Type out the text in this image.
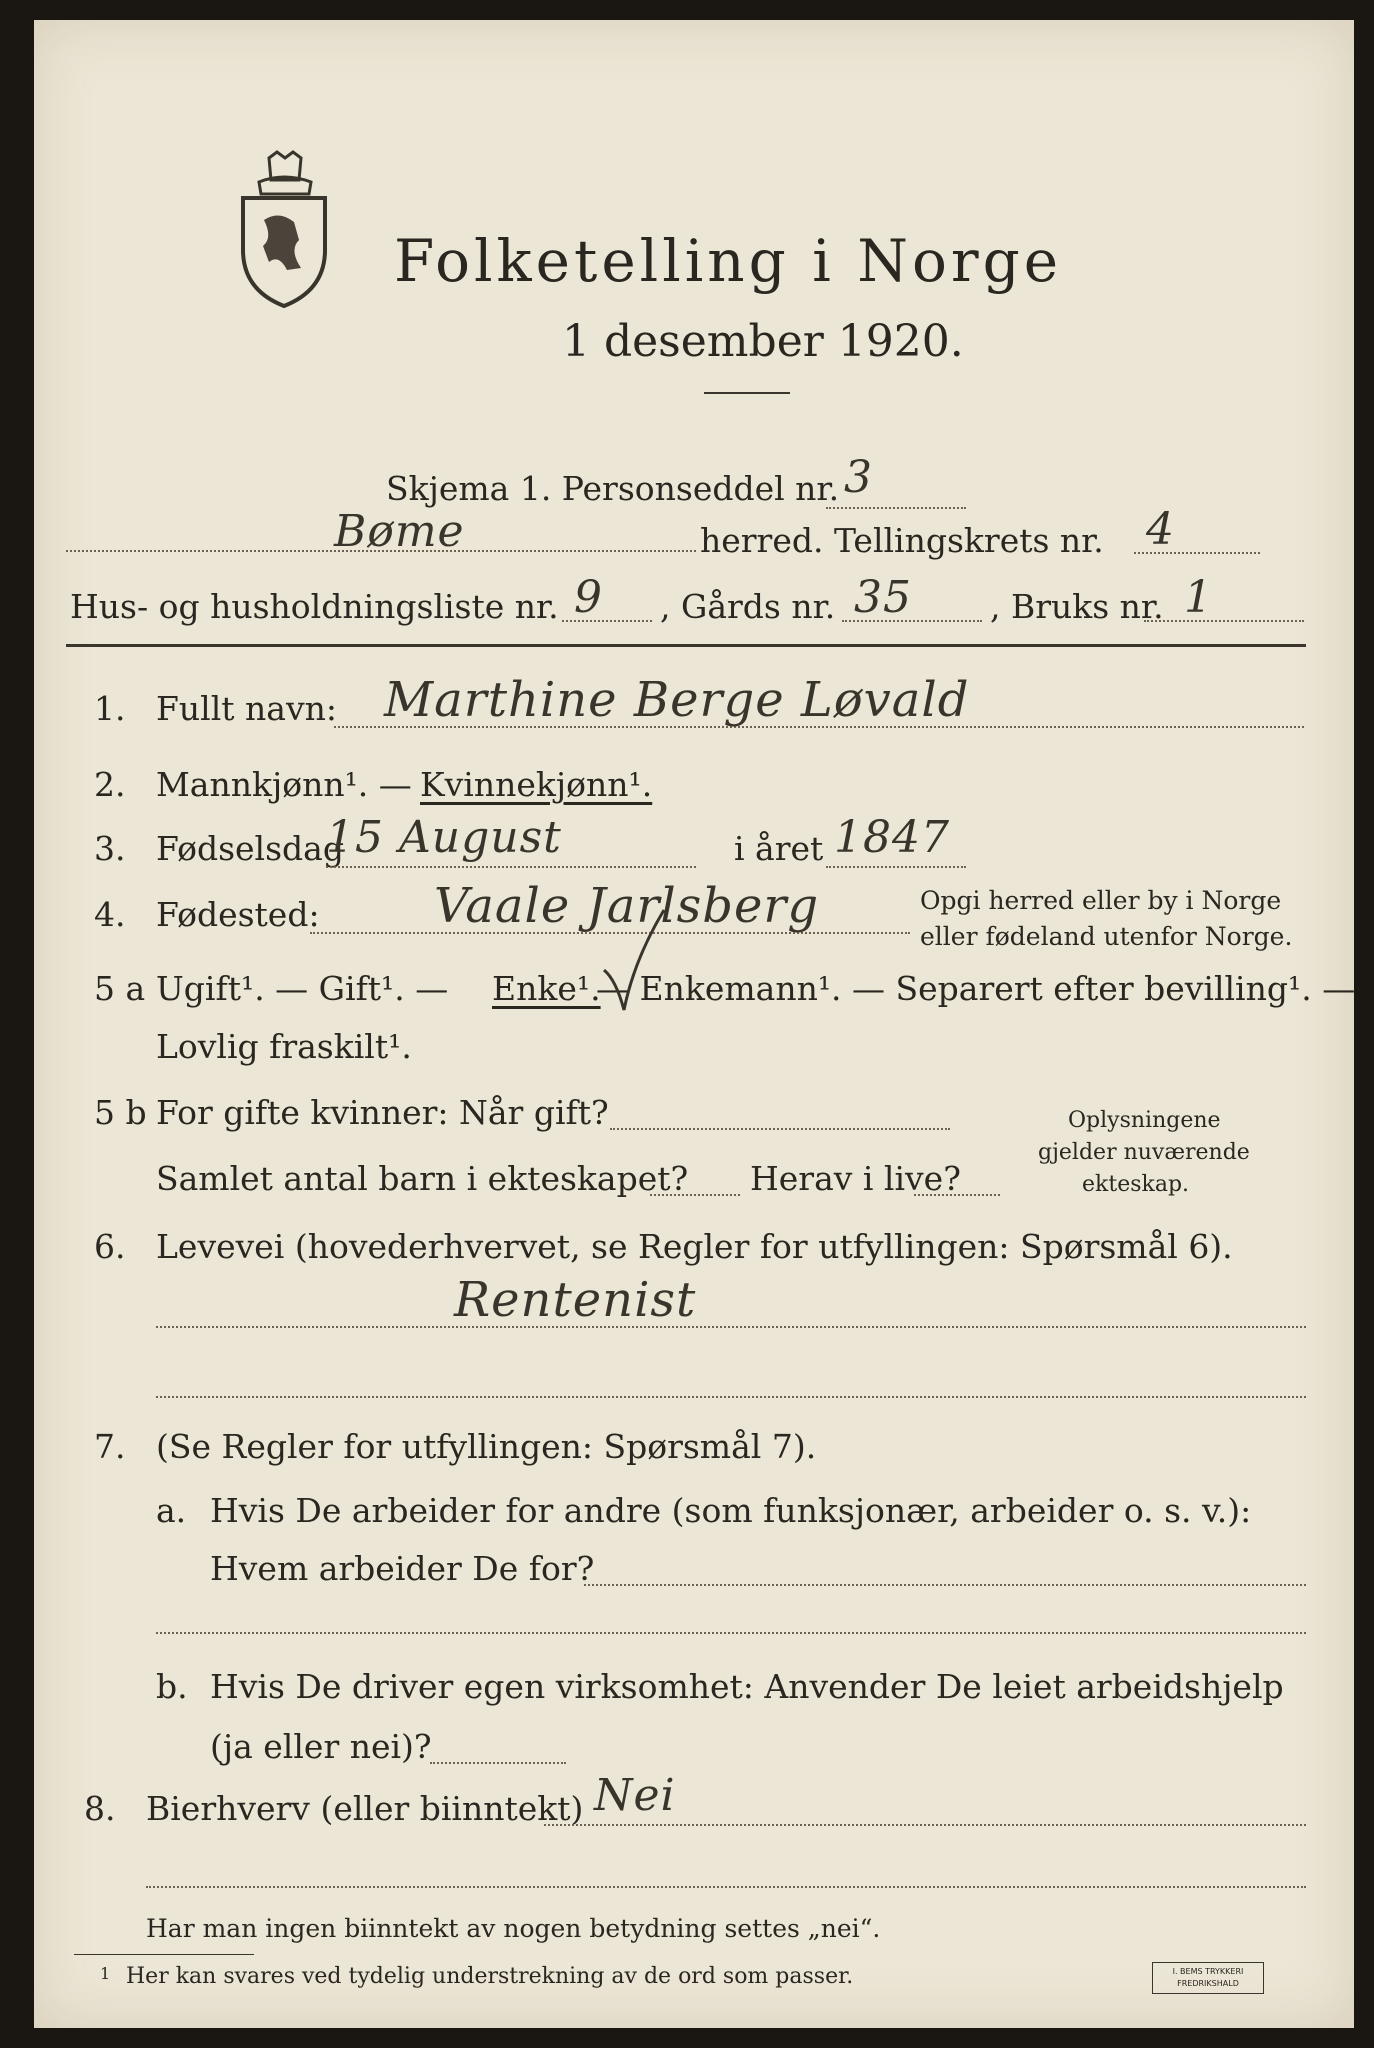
Folketelling i Norge
1 desember 1920.
Skjema 1. Personseddel nr. 3
Bøme	herred. Tellingskrets nr. 4
Hus- og husholdningsliste nr. 9 , Gårds nr. 35 , Bruks nr. 1
1. Fullt navn: Marthine Berge Løvald
2. Mannkjønn¹. — Kvinnekjønn¹.
3. Fødselsdag
15 August	i året 1847
4. Fødested: Vaale Jarlsberg	Opgi herred eller by i Norge
eller fødeland utenfor Norge.
5 a Ugift¹. — Gift¹. — Enke¹.
— Enkemann¹. — Separert efter bevilling¹. —
Lovlig fraskilt¹.
5 b For gifte kvinner: Når gift?
Samlet antal barn i ekteskapet? Herav i live?
Oplysningene
gjelder nuværende
ekteskap.
6. Levevei (hovederhvervet, se Regler for utfyllingen: Spørsmål 6).
Rentenist
7. (Se Regler for utfyllingen: Spørsmål 7).
a. Hvis De arbeider for andre (som funksjonær, arbeider o. s. v.):
Hvem arbeider De for?
b. Hvis De driver egen virksomhet: Anvender De leiet arbeidshjelp
(ja eller nei)?
8. Bierhverv (eller biinntekt) Nei
Har man ingen biinntekt av nogen betydning settes „nei“.
1 Her kan svares ved tydelig understrekning av de ord som passer.	I. BEMS TRYKKERI
FREDRIKSHALD
